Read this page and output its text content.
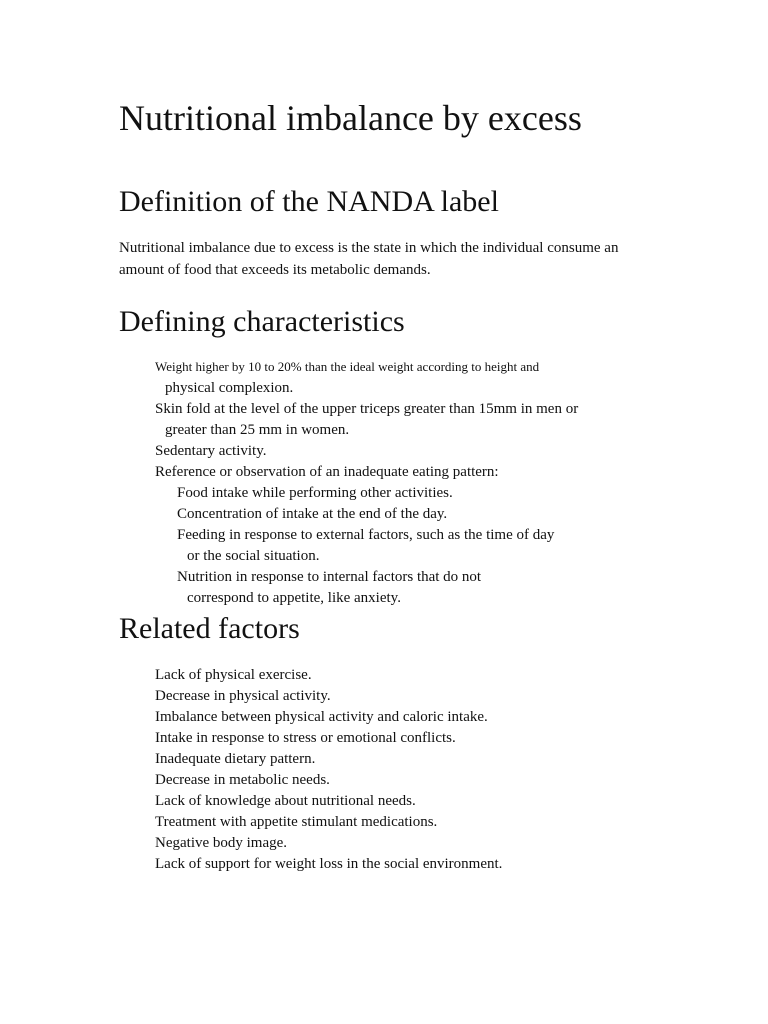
Nutritional imbalance by excess
Definition of the NANDA label

Nutritional imbalance due to excess is the state in which the individual consume an amount of food that exceeds its metabolic demands.

Defining characteristics
Weight higher by 10 to 20% than the ideal weight according to height and
physical complexion.
Skin fold at the level of the upper triceps greater than 15mm in men or
greater than 25 mm in women.
Sedentary activity.
Reference or observation of an inadequate eating pattern:
Food intake while performing other activities.
Concentration of intake at the end of the day.
Feeding in response to external factors, such as the time of day
or the social situation.
Nutrition in response to internal factors that do not
correspond to appetite, like anxiety.
Related factors
Lack of physical exercise.
Decrease in physical activity.
Imbalance between physical activity and caloric intake.
Intake in response to stress or emotional conflicts.
Inadequate dietary pattern.
Decrease in metabolic needs.
Lack of knowledge about nutritional needs.
Treatment with appetite stimulant medications.
Negative body image.
Lack of support for weight loss in the social environment.
